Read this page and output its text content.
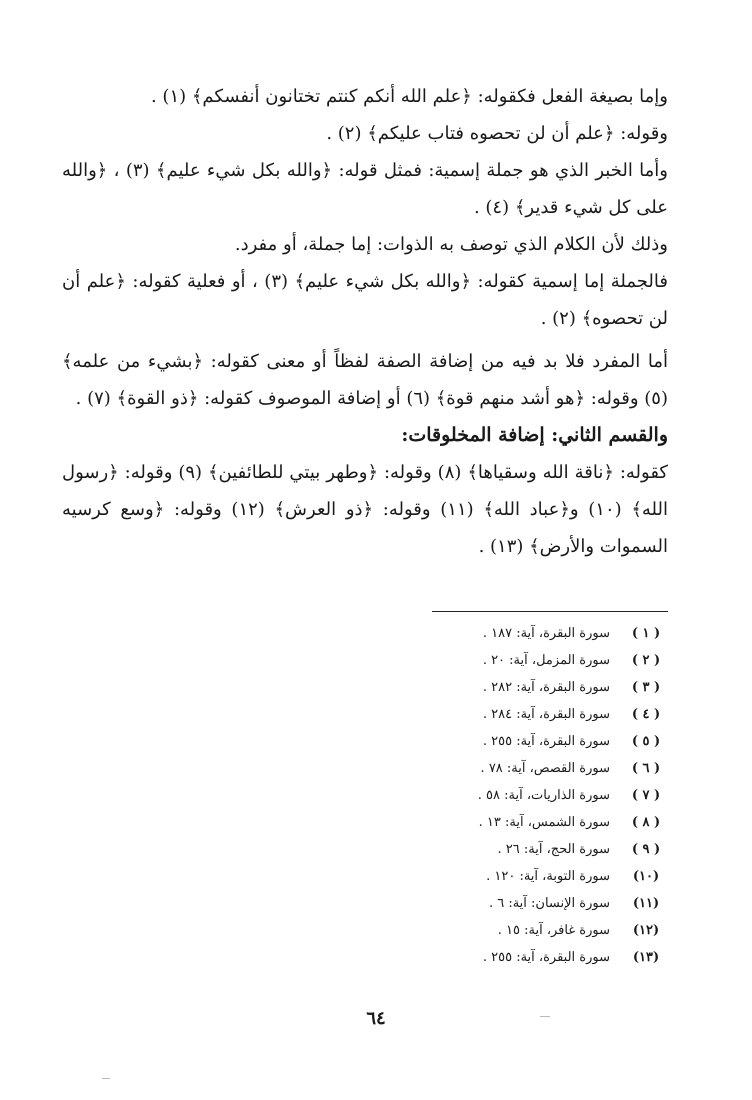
وإما بصيغة الفعل فكقوله: ﴿علم الله أنكم كنتم تختانون أنفسكم﴾ (١) .

وقوله: ﴿علم أن لن تحصوه فتاب عليكم﴾ (٢) .

وأما الخبر الذي هو جملة إسمية: فمثل قوله: ﴿والله بكل شيء عليم﴾ (٣) ، ﴿والله على كل شيء قدير﴾ (٤) .

وذلك لأن الكلام الذي توصف به الذوات: إما جملة، أو مفرد.

فالجملة إما إسمية كقوله: ﴿والله بكل شيء عليم﴾ (٣) ، أو فعلية كقوله: ﴿علم أن لن تحصوه﴾ (٢) .

أما المفرد فلا بد فيه من إضافة الصفة لفظاً أو معنى كقوله: ﴿بشيء من علمه﴾ (٥) وقوله: ﴿هو أشد منهم قوة﴾ (٦) أو إضافة الموصوف كقوله: ﴿ذو القوة﴾ (٧) .

والقسم الثاني: إضافة المخلوقات:

كقوله: ﴿ناقة الله وسقياها﴾ (٨) وقوله: ﴿وطهر بيتي للطائفين﴾ (٩) وقوله: ﴿رسول الله﴾ (١٠) و﴿عباد الله﴾ (١١) وقوله: ﴿ذو العرش﴾ (١٢) وقوله: ﴿وسع كرسيه السموات والأرض﴾ (١٣) .

( ١ )سورة البقرة، آية: ١٨٧ .
( ٢ )سورة المزمل، آية: ٢٠ .
( ٣ )سورة البقرة، آية: ٢٨٢ .
( ٤ )سورة البقرة، آية: ٢٨٤ .
( ٥ )سورة البقرة، آية: ٢٥٥ .
( ٦ )سورة القصص، آية: ٧٨ .
( ٧ )سورة الذاريات، آية: ٥٨ .
( ٨ )سورة الشمس، آية: ١٣ .
( ٩ )سورة الحج، آية: ٢٦ .
(١٠)سورة التوبة، آية: ١٢٠ .
(١١)سورة الإنسان: آية: ٦ .
(١٢)سورة غافر، آية: ١٥ .
(١٣)سورة البقرة، آية: ٢٥٥ .
٦٤
